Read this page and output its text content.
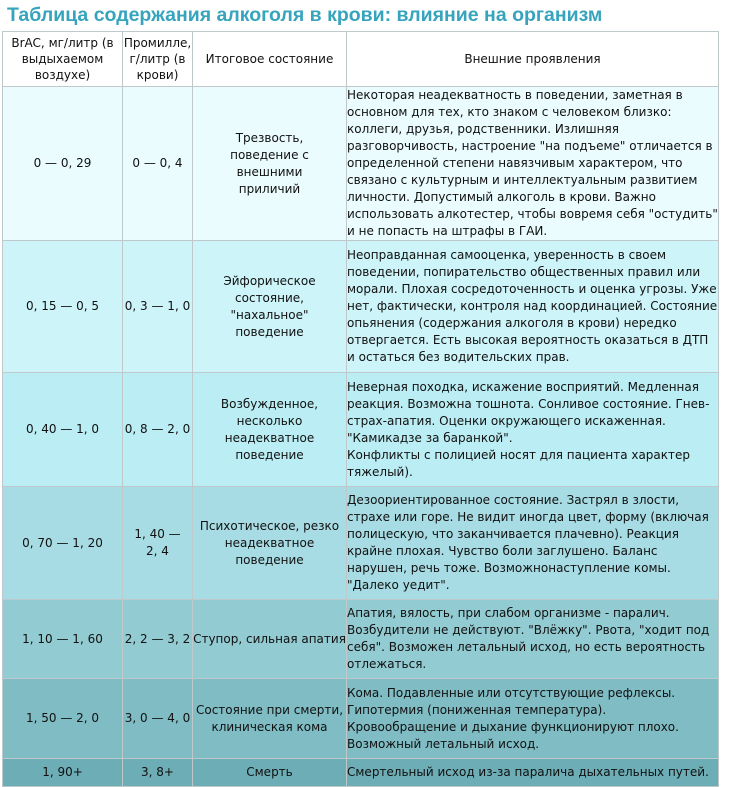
Таблица содержания алкоголя в крови: влияние на организм
BrAC, мг/литр (в выдыхаемом воздухе)	Промилле, г/литр (в крови)	Итоговое состояние	Внешние проявления
0 — 0, 29	0 — 0, 4	Трезвость, поведение с внешними приличий	Некоторая неадекватность в поведении, заметная в основном для тех, кто знаком с человеком близко: коллеги, друзья, родственники. Излишняя разговорчивость, настроение "на подъеме" отличается в определенной степени навязчивым характером, что связано с культурным и интеллектуальным развитием личности. Допустимый алкоголь в крови. Важно использовать алкотестер, чтобы вовремя себя "остудить" и не попасть на штрафы в ГАИ.
0, 15 — 0, 5	0, 3 — 1, 0	Эйфорическое состояние, "нахальное" поведение	Неоправданная самооценка, уверенность в своем поведении, попирательство общественных правил или морали. Плохая сосредоточенность и оценка угрозы. Уже нет, фактически, контроля над координацией. Состояние опьянения (содержания алкоголя в крови) нередко отвергается. Есть высокая вероятность оказаться в ДТП и остаться без водительских прав.
0, 40 — 1, 0	0, 8 — 2, 0	Возбужденное, несколько неадекватное поведение	Неверная походка, искажение восприятий. Медленная реакция. Возможна тошнота. Сонливое состояние. Гнев-страх-апатия. Оценки окружающего искаженная. "Камикадзе за баранкой".
Конфликты с полицией носят для пациента характер тяжелый).

0, 70 — 1, 20	1, 40 — 2, 4	Психотическое, резко неадекватное поведение	Дезоориентированное состояние. Застрял в злости, страхе или горе. Не видит иногда цвет, форму (включая полицескую, что заканчивается плачевно). Реакция крайне плохая. Чувство боли заглушено. Баланс нарушен, речь тоже. Возможнонаступление комы.
"Далеко уедит".

1, 10 — 1, 60	2, 2 — 3, 2	Ступор, сильная апатия	Апатия, вялость, при слабом организме - паралич. Возбудители не действуют. "Влёжку". Рвота, "ходит под себя". Возможен летальный исход, но есть вероятность отлежаться.
1, 50 — 2, 0	3, 0 — 4, 0	Состояние при смерти, клиническая кома	Кома. Подавленные или отсутствующие рефлексы. Гипотермия (пониженная температура). Кровообращение и дыхание функционируют плохо. Возможный летальный исход.
1, 90+	3, 8+	Смерть	Смертельный исход из-за паралича дыхательных путей.
